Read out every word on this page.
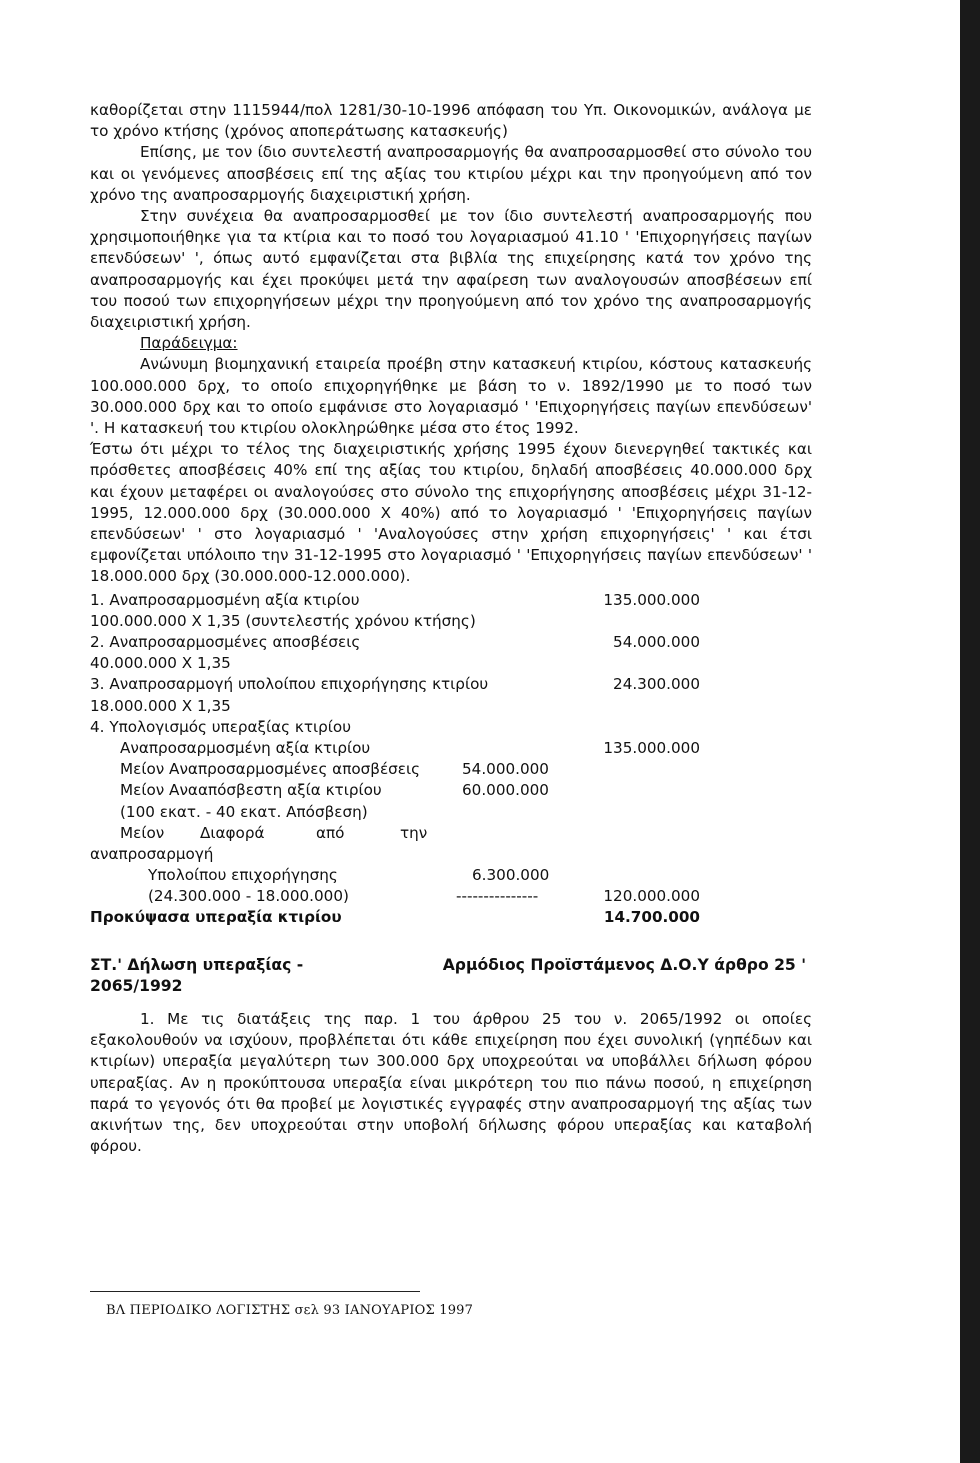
καθορίζεται στην 1115944/πολ 1281/30-10-1996 απόφαση του Υπ. Οικονομικών, ανάλογα με το χρόνο κτήσης (χρόνος αποπεράτωσης κατασκευής)

Επίσης, με τον ίδιο συντελεστή αναπροσαρμογής θα αναπροσαρμοσθεί στο σύνολο του και οι γενόμενες αποσβέσεις επί της αξίας του κτιρίου μέχρι και την προηγούμενη από τον χρόνο της αναπροσαρμογής διαχειριστική χρήση.

Στην συνέχεια θα αναπροσαρμοσθεί με τον ίδιο συντελεστή αναπροσαρμογής που χρησιμοποιήθηκε για τα κτίρια και το ποσό του λογαριασμού 41.10 ' 'Επιχορηγήσεις παγίων επενδύσεων' ', όπως αυτό εμφανίζεται στα βιβλία της επιχείρησης κατά τον χρόνο της αναπροσαρμογής και έχει προκύψει μετά την αφαίρεση των αναλογουσών αποσβέσεων επί του ποσού των επιχορηγήσεων μέχρι την προηγούμενη από τον χρόνο της αναπροσαρμογής διαχειριστική χρήση.

Παράδειγμα:

Ανώνυμη βιομηχανική εταιρεία προέβη στην κατασκευή κτιρίου, κόστους κατασκευής 100.000.000 δρχ, το οποίο επιχορηγήθηκε με βάση το ν. 1892/1990 με το ποσό των 30.000.000 δρχ και το οποίο εμφάνισε στο λογαριασμό ' 'Επιχορηγήσεις παγίων επενδύσεων' '. Η κατασκευή του κτιρίου ολοκληρώθηκε μέσα στο έτος 1992.

Έστω ότι μέχρι το τέλος της διαχειριστικής χρήσης 1995 έχουν διενεργηθεί τακτικές και πρόσθετες αποσβέσεις 40% επί της αξίας του κτιρίου, δηλαδή αποσβέσεις 40.000.000 δρχ και έχουν μεταφέρει οι αναλογούσες στο σύνολο της επιχορήγησης αποσβέσεις μέχρι 31-12-1995, 12.000.000 δρχ (30.000.000 Χ 40%) από το λογαριασμό ' 'Επιχορηγήσεις παγίων επενδύσεων' ' στο λογαριασμό ' 'Αναλογούσες στην χρήση επιχορηγήσεις' ' και έτσι εμφονίζεται υπόλοιπο την 31-12-1995 στο λογαριασμό ' 'Επιχορηγήσεις παγίων επενδύσεων' ' 18.000.000 δρχ (30.000.000-12.000.000).

1. Αναπροσαρμοσμένη αξία κτιρίου	135.000.000
100.000.000 Χ 1,35 (συντελεστής χρόνου κτήσης)
2. Αναπροσαρμοσμένες αποσβέσεις	54.000.000
40.000.000 Χ 1,35
3. Αναπροσαρμογή υπολοίπου επιχορήγησης κτιρίου	24.300.000
18.000.000 Χ 1,35
4. Υπολογισμός υπεραξίας κτιρίου
Αναπροσαρμοσμένη αξία κτιρίου	135.000.000
Μείον Αναπροσαρμοσμένες αποσβέσεις	54.000.000
Μείον Ανααπόσβεστη αξία κτιρίου	60.000.000
(100 εκατ. - 40 εκατ. Απόσβεση)
Μείον Διαφορά	από	την
αναπροσαρμογή
Υπολοίπου επιχορήγησης	6.300.000
(24.300.000 - 18.000.000)	---------------	120.000.000
Προκύψασα υπεραξία κτιρίου	14.700.000
ΣΤ.' Δήλωση υπεραξίας -	Αρμόδιος Προϊστάμενος Δ.Ο.Υ άρθρο 25 '
2065/1992

1. Με τις διατάξεις της παρ. 1 του άρθρου 25 του ν. 2065/1992 οι οποίες εξακολουθούν να ισχύουν, προβλέπεται ότι κάθε επιχείρηση που έχει συνολική (γηπέδων και κτιρίων) υπεραξία μεγαλύτερη των 300.000 δρχ υποχρεούται να υποβάλλει δήλωση φόρου υπεραξίας. Αν η προκύπτουσα υπεραξία είναι μικρότερη του πιο πάνω ποσού, η επιχείρηση παρά το γεγονός ότι θα προβεί με λογιστικές εγγραφές στην αναπροσαρμογή της αξίας των ακινήτων της, δεν υποχρεούται στην υποβολή δήλωσης φόρου υπεραξίας και καταβολή φόρου.

ΒΛ ΠΕΡΙΟΔΙΚΟ ΛΟΓΙΣΤΗΣ σελ 93 ΙΑΝΟΥΑΡΙΟΣ 1997
